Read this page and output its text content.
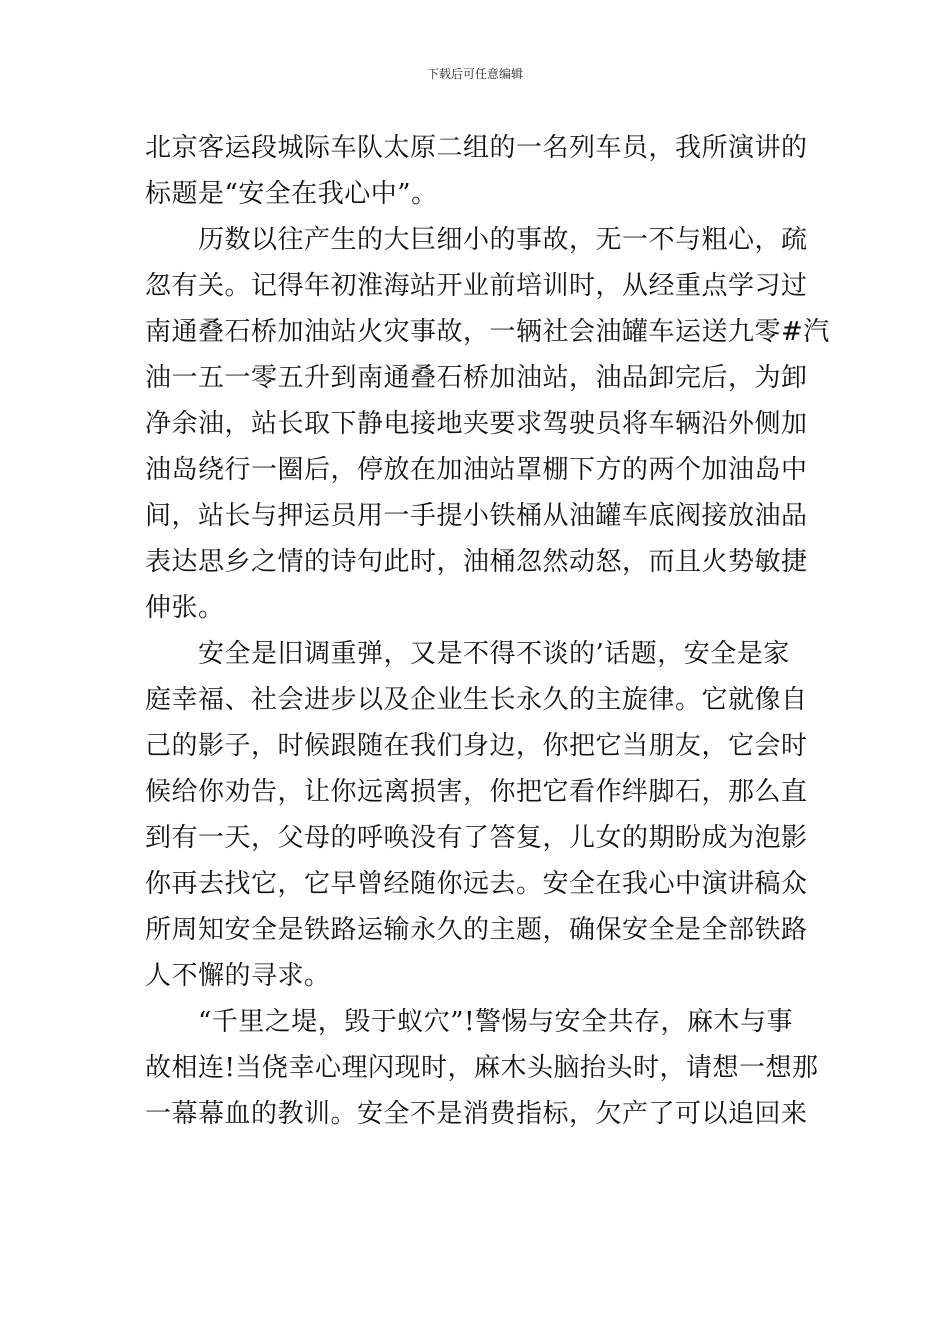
下载后可任意编辑
北京客运段城际车队太原二组的一名列车员，我所演讲的
标题是“安全在我心中”。
　　历数以往产生的大巨细小的事故，无一不与粗心，疏
忽有关。记得年初淮海站开业前培训时，从经重点学习过
南通叠石桥加油站火灾事故，一辆社会油罐车运送九零#汽
油一五一零五升到南通叠石桥加油站，油品卸完后，为卸
净余油，站长取下静电接地夹要求驾驶员将车辆沿外侧加
油岛绕行一圈后，停放在加油站罩棚下方的两个加油岛中
间，站长与押运员用一手提小铁桶从油罐车底阀接放油品
表达思乡之情的诗句此时，油桶忽然动怒，而且火势敏捷
伸张。
　　安全是旧调重弹，又是不得不谈的’话题，安全是家
庭幸福、社会进步以及企业生长永久的主旋律。它就像自
己的影子，时候跟随在我们身边，你把它当朋友，它会时
候给你劝告，让你远离损害，你把它看作绊脚石，那么直
到有一天，父母的呼唤没有了答复，儿女的期盼成为泡影
你再去找它，它早曾经随你远去。安全在我心中演讲稿众
所周知安全是铁路运输永久的主题，确保安全是全部铁路
人不懈的寻求。
　　“千里之堤，毁于蚁穴”!警惕与安全共存，麻木与事
故相连!当侥幸心理闪现时，麻木头脑抬头时，请想一想那
一幕幕血的教训。安全不是消费指标，欠产了可以追回来
